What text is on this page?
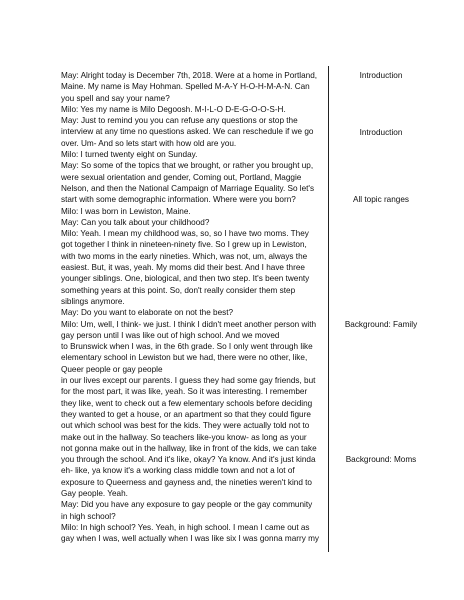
May: Alright today is December 7th, 2018. Were at a home in Portland,
Maine. My name is May Hohman. Spelled M-A-Y H-O-H-M-A-N. Can
you spell and say your name?
Milo: Yes my name is Milo Degoosh. M-I-L-O D-E-G-O-O-S-H.
May: Just to remind you you can refuse any questions or stop the
interview at any time no questions asked. We can reschedule if we go
over. Um- And so lets start with how old are you.
Milo: I turned twenty eight on Sunday.
May: So some of the topics that we brought, or rather you brought up,
were sexual orientation and gender, Coming out, Portland, Maggie
Nelson, and then the National Campaign of Marriage Equality. So let's
start with some demographic information. Where were you born?
Milo: I was born in Lewiston, Maine.
May: Can you talk about your childhood?
Milo: Yeah. I mean my childhood was, so, so I have two moms. They
got together I think in nineteen-ninety five. So I grew up in Lewiston,
with two moms in the early nineties. Which, was not, um, always the
easiest. But, it was, yeah. My moms did their best. And I have three
younger siblings. One, biological, and then two step. It's been twenty
something years at this point. So, don't really consider them step
siblings anymore.
May: Do you want to elaborate on not the best?
Milo: Um, well, I think- we just. I think I didn't meet another person with
gay person until I was like out of high school. And we moved
to Brunswick when I was, in the 6th grade. So I only went through like
elementary school in Lewiston but we had, there were no other, like,
Queer people or gay people
in our lives except our parents. I guess they had some gay friends, but
for the most part, it was like, yeah. So it was interesting. I remember
they like, went to check out a few elementary schools before deciding
they wanted to get a house, or an apartment so that they could figure
out which school was best for the kids. They were actually told not to
make out in the hallway. So teachers like-you know- as long as your
not gonna make out in the hallway, like in front of the kids, we can take
you through the school. And it's like, okay? Ya know. And it's just kinda
eh- like, ya know it's a working class middle town and not a lot of
exposure to Queerness and gayness and, the nineties weren't kind to
Gay people. Yeah.
May: Did you have any exposure to gay people or the gay community
in high school?
Milo: In high school? Yes. Yeah, in high school. I mean I came out as
gay when I was, well actually when I was like six I was gonna marry my
Introduction
Introduction
All topic ranges
Background: Family
Background: Moms
